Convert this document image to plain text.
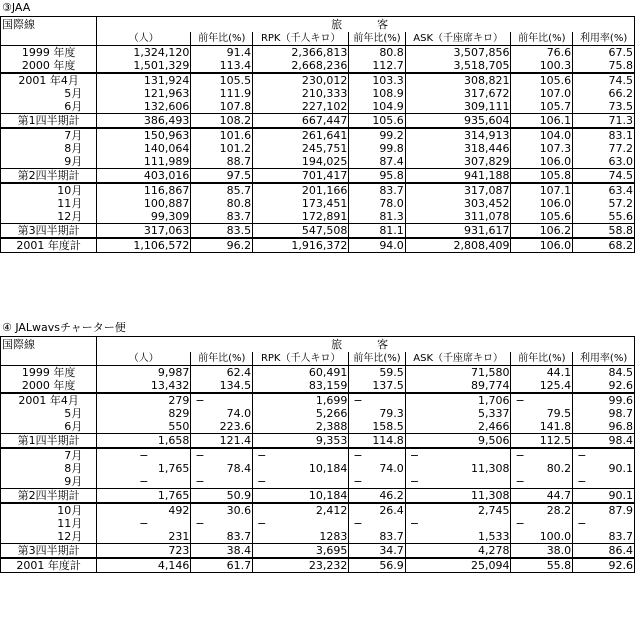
③JAA
国際線	旅　客						
	（人）	前年比(%)	RPK（千人キロ）	前年比(%)	ASK（千座席キロ）	前年比(%)	利用率(%)
1999 年度	1,324,120	91.4	2,366,813	80.8	3,507,856	76.6	67.5
2000 年度	1,501,329	113.4	2,668,236	112.7	3,518,705	100.3	75.8
2001 年4月	131,924	105.5	230,012	103.3	308,821	105.6	74.5
5月	121,963	111.9	210,333	108.9	317,672	107.0	66.2
6月	132,606	107.8	227,102	104.9	309,111	105.7	73.5
第1四半期計	386,493	108.2	667,447	105.6	935,604	106.1	71.3
7月	150,963	101.6	261,641	99.2	314,913	104.0	83.1
8月	140,064	101.2	245,751	99.8	318,446	107.3	77.2
9月	111,989	88.7	194,025	87.4	307,829	106.0	63.0
第2四半期計	403,016	97.5	701,417	95.8	941,188	105.8	74.5
10月	116,867	85.7	201,166	83.7	317,087	107.1	63.4
11月	100,887	80.8	173,451	78.0	303,452	106.0	57.2
12月	99,309	83.7	172,891	81.3	311,078	105.6	55.6
第3四半期計	317,063	83.5	547,508	81.1	931,617	106.2	58.8
2001 年度計	1,106,572	96.2	1,916,372	94.0	2,808,409	106.0	68.2
④ JALwavsチャーター便
国際線	旅　客						
	（人）	前年比(%)	RPK（千人キロ）	前年比(%)	ASK（千座席キロ）	前年比(%)	利用率(%)
1999 年度	9,987	62.4	60,491	59.5	71,580	44.1	84.5
2000 年度	13,432	134.5	83,159	137.5	89,774	125.4	92.6
2001 年4月	279	−	1,699	−	1,706	−	99.6
5月	829	74.0	5,266	79.3	5,337	79.5	98.7
6月	550	223.6	2,388	158.5	2,466	141.8	96.8
第1四半期計	1,658	121.4	9,353	114.8	9,506	112.5	98.4
7月	−	−	−	−	−	−	−
8月	1,765	78.4	10,184	74.0	11,308	80.2	90.1
9月	−	−	−	−	−	−	−
第2四半期計	1,765	50.9	10,184	46.2	11,308	44.7	90.1
10月	492	30.6	2,412	26.4	2,745	28.2	87.9
11月	−	−	−	−	−	−	−
12月	231	83.7	1283	83.7	1,533	100.0	83.7
第3四半期計	723	38.4	3,695	34.7	4,278	38.0	86.4
2001 年度計	4,146	61.7	23,232	56.9	25,094	55.8	92.6
